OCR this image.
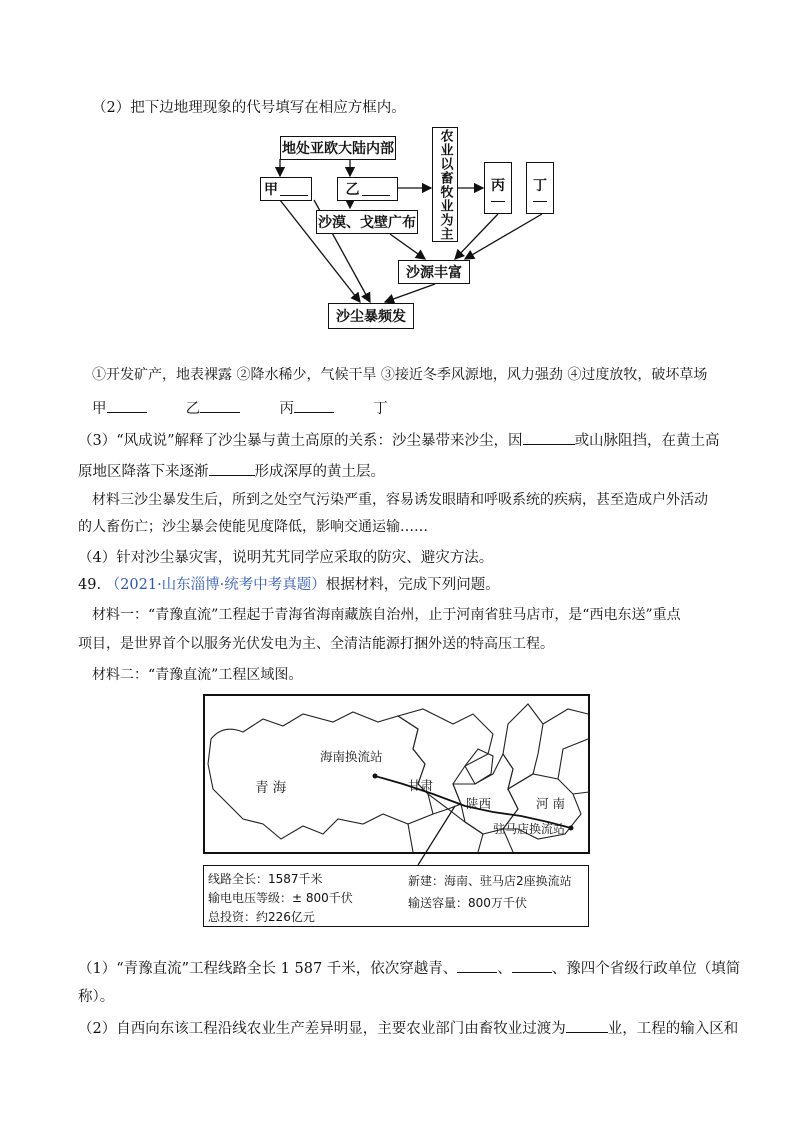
（2）把下边地理现象的代号填写在相应方框内。
地处亚欧大陆内部
甲	乙	农业以畜牧业为主	丙 丁
沙漠、戈壁广布
沙源丰富
沙尘暴频发
①开发矿产，地表裸露 ②降水稀少，气候干旱 ③接近冬季风源地，风力强劲 ④过度放牧，破坏草场
甲	乙	丙	丁
（3）“风成说”解释了沙尘暴与黄土高原的关系：沙尘暴带来沙尘，因	或山脉阻挡，在黄土高
原地区降落下来逐渐	形成深厚的黄土层。
材料三沙尘暴发生后，所到之处空气污染严重，容易诱发眼睛和呼吸系统的疾病，甚至造成户外活动
的人畜伤亡；沙尘暴会使能见度降低，影响交通运输……
（4）针对沙尘暴灾害，说明艽艽同学应采取的防灾、避灾方法。
49. （2021·山东淄博·统考中考真题）根据材料，完成下列问题。
材料一：“青豫直流”工程起于青海省海南藏族自治州，止于河南省驻马店市，是“西电东送”重点
项目，是世界首个以服务光伏发电为主、全清洁能源打捆外送的特高压工程。
材料二：“青豫直流”工程区域图。
海南换流站
青 海	甘肃
陕西	河 南
驻马店换流站
线路全长：1587千米
输电电压等级：± 800千伏
总投资：约226亿元
新建：海南、驻马店2座换流站
输送容量：800万千伏
（1）“青豫直流”工程线路全长 1 587 千米，依次穿越青、	、	、豫四个省级行政单位（填简
称）。
（2）自西向东该工程沿线农业生产差异明显，主要农业部门由畜牧业过渡为	业，工程的输入区和
